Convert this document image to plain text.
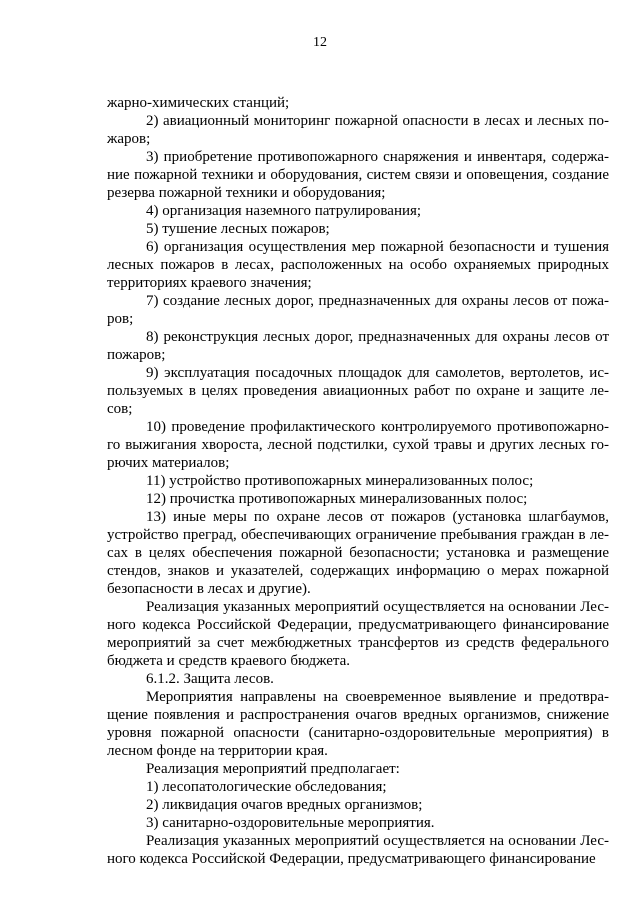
12

жарно-химических станций;

2) авиационный мониторинг пожарной опасности в лесах и лесных пожаров;

3) приобретение противопожарного снаряжения и инвентаря, содержание пожарной техники и оборудования, систем связи и оповещения, создание резерва пожарной техники и оборудования;

4) организация наземного патрулирования;

5) тушение лесных пожаров;

6) организация осуществления мер пожарной безопасности и тушения лесных пожаров в лесах, расположенных на особо охраняемых природных территориях краевого значения;

7) создание лесных дорог, предназначенных для охраны лесов от пожаров;

8) реконструкция лесных дорог, предназначенных для охраны лесов от пожаров;

9) эксплуатация посадочных площадок для самолетов, вертолетов, используемых в целях проведения авиационных работ по охране и защите лесов;

10) проведение профилактического контролируемого противопожарного выжигания хвороста, лесной подстилки, сухой травы и других лесных горючих материалов;

11) устройство противопожарных минерализованных полос;

12) прочистка противопожарных минерализованных полос;

13) иные меры по охране лесов от пожаров (установка шлагбаумов, устройство преград, обеспечивающих ограничение пребывания граждан в лесах в целях обеспечения пожарной безопасности; установка и размещение стендов, знаков и указателей, содержащих информацию о мерах пожарной безопасности в лесах и другие).

Реализация указанных мероприятий осуществляется на основании Лесного кодекса Российской Федерации, предусматривающего финансирование мероприятий за счет межбюджетных трансфертов из средств федерального бюджета и средств краевого бюджета.

6.1.2. Защита лесов.

Мероприятия направлены на своевременное выявление и предотвращение появления и распространения очагов вредных организмов, снижение уровня пожарной опасности (санитарно-оздоровительные мероприятия) в лесном фонде на территории края.

Реализация мероприятий предполагает:

1) лесопатологические обследования;

2) ликвидация очагов вредных организмов;

3) санитарно-оздоровительные мероприятия.

Реализация указанных мероприятий осуществляется на основании Лесного кодекса Российской Федерации, предусматривающего финансирование
